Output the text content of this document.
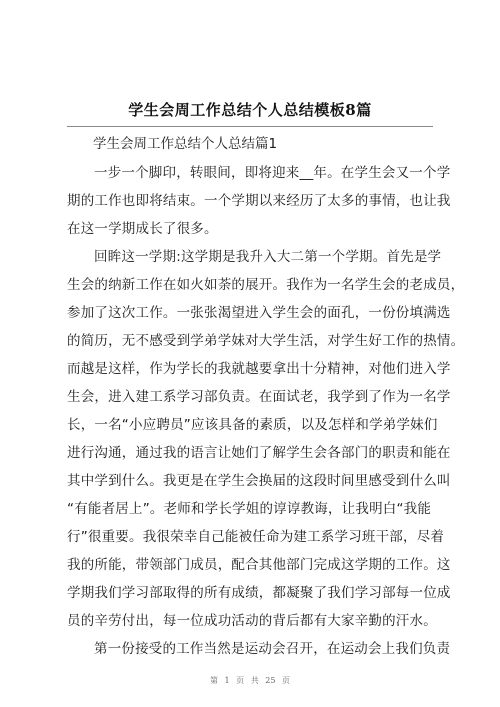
学生会周工作总结个人总结模板8篇

学生会周工作总结个人总结篇1

一步一个脚印，转眼间，即将迎来__年。在学生会又一个学
期的工作也即将结束。一个学期以来经历了太多的事情，也让我
在这一学期成长了很多。
回眸这一学期:这学期是我升入大二第一个学期。首先是学
生会的纳新工作在如火如荼的展开。我作为一名学生会的老成员，
参加了这次工作。一张张渴望进入学生会的面孔，一份份填满选
的简历，无不感受到学弟学妹对大学生活，对学生好工作的热情。
而越是这样，作为学长的我就越要拿出十分精神，对他们进入学
生会，进入建工系学习部负责。在面试老，我学到了作为一名学
长，一名“小应聘员”应该具备的素质，以及怎样和学弟学妹们
进行沟通，通过我的语言让她们了解学生会各部门的职责和能在
其中学到什么。我更是在学生会换届的这段时间里感受到什么叫
“有能者居上”。老师和学长学姐的谆谆教诲，让我明白“我能
行”很重要。我很荣幸自己能被任命为建工系学习班干部，尽着
我的所能，带领部门成员，配合其他部门完成这学期的工作。这
学期我们学习部取得的所有成绩，都凝聚了我们学习部每一位成
员的辛劳付出，每一位成功活动的背后都有大家辛勤的汗水。
第一份接受的工作当然是运动会召开，在运动会上我们负责
第 1 页 共 25 页
